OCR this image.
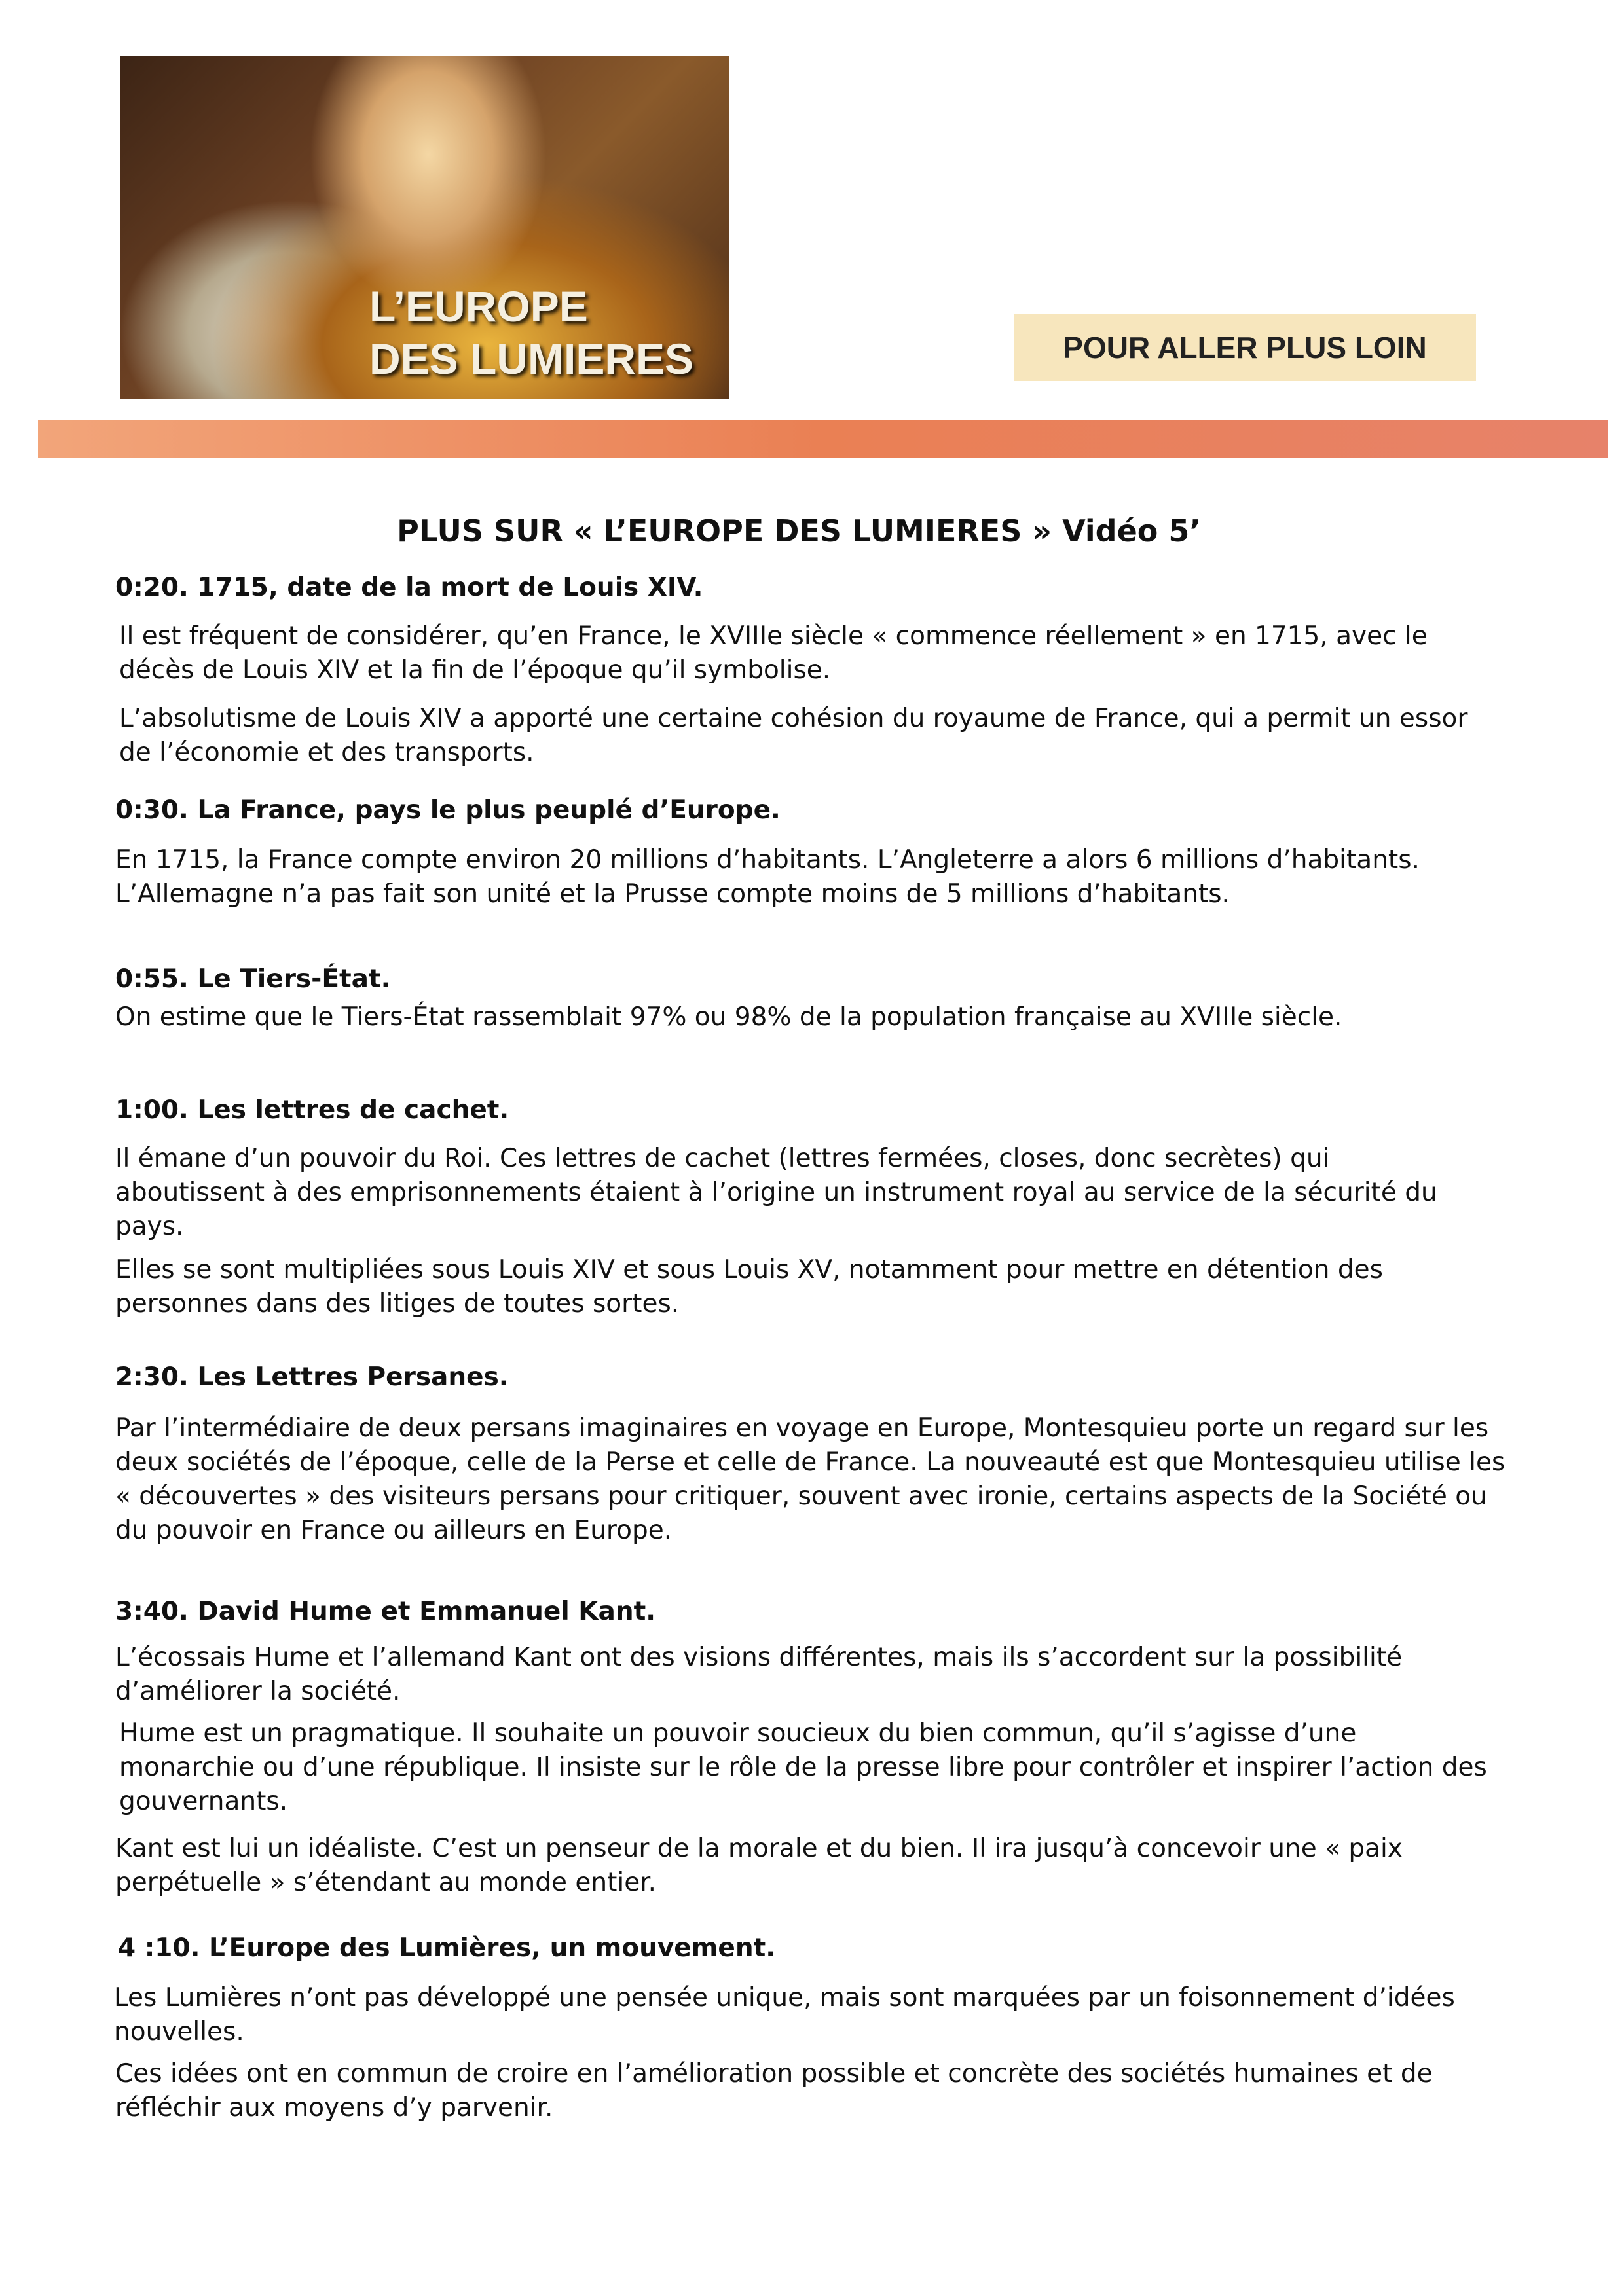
L’EUROPE
DES LUMIERES	POUR ALLER PLUS LOIN
PLUS SUR « L’EUROPE DES LUMIERES » Vidéo 5’
0:20. 1715, date de la mort de Louis XIV.
Il est fréquent de considérer, qu’en France, le XVIIIe siècle « commence réellement » en 1715, avec le décès de Louis XIV et la fin de l’époque qu’il symbolise.
L’absolutisme de Louis XIV a apporté une certaine cohésion du royaume de France, qui a permit un essor de l’économie et des transports.
0:30. La France, pays le plus peuplé d’Europe.
En 1715, la France compte environ 20 millions d’habitants. L’Angleterre a alors 6 millions d’habitants. L’Allemagne n’a pas fait son unité et la Prusse compte moins de 5 millions d’habitants.
0:55. Le Tiers-État.
On estime que le Tiers-État rassemblait 97% ou 98% de la population française au XVIIIe siècle.
1:00. Les lettres de cachet.
Il émane d’un pouvoir du Roi. Ces lettres de cachet (lettres fermées, closes, donc secrètes) qui aboutissent à des emprisonnements étaient à l’origine un instrument royal au service de la sécurité du pays.
Elles se sont multipliées sous Louis XIV et sous Louis XV, notamment pour mettre en détention des personnes dans des litiges de toutes sortes.
2:30. Les Lettres Persanes.
Par l’intermédiaire de deux persans imaginaires en voyage en Europe, Montesquieu porte un regard sur les deux sociétés de l’époque, celle de la Perse et celle de France. La nouveauté est que Montesquieu utilise les « découvertes » des visiteurs persans pour critiquer, souvent avec ironie, certains aspects de la Société ou du pouvoir en France ou ailleurs en Europe.
3:40. David Hume et Emmanuel Kant.
L’écossais Hume et l’allemand Kant ont des visions différentes, mais ils s’accordent sur la possibilité d’améliorer la société.
Hume est un pragmatique. Il souhaite un pouvoir soucieux du bien commun, qu’il s’agisse d’une monarchie ou d’une république. Il insiste sur le rôle de la presse libre pour contrôler et inspirer l’action des gouvernants.
Kant est lui un idéaliste. C’est un penseur de la morale et du bien. Il ira jusqu’à concevoir une « paix perpétuelle » s’étendant au monde entier.
4 :10. L’Europe des Lumières, un mouvement.
Les Lumières n’ont pas développé une pensée unique, mais sont marquées par un foisonnement d’idées nouvelles.
Ces idées ont en commun de croire en l’amélioration possible et concrète des sociétés humaines et de réfléchir aux moyens d’y parvenir.
